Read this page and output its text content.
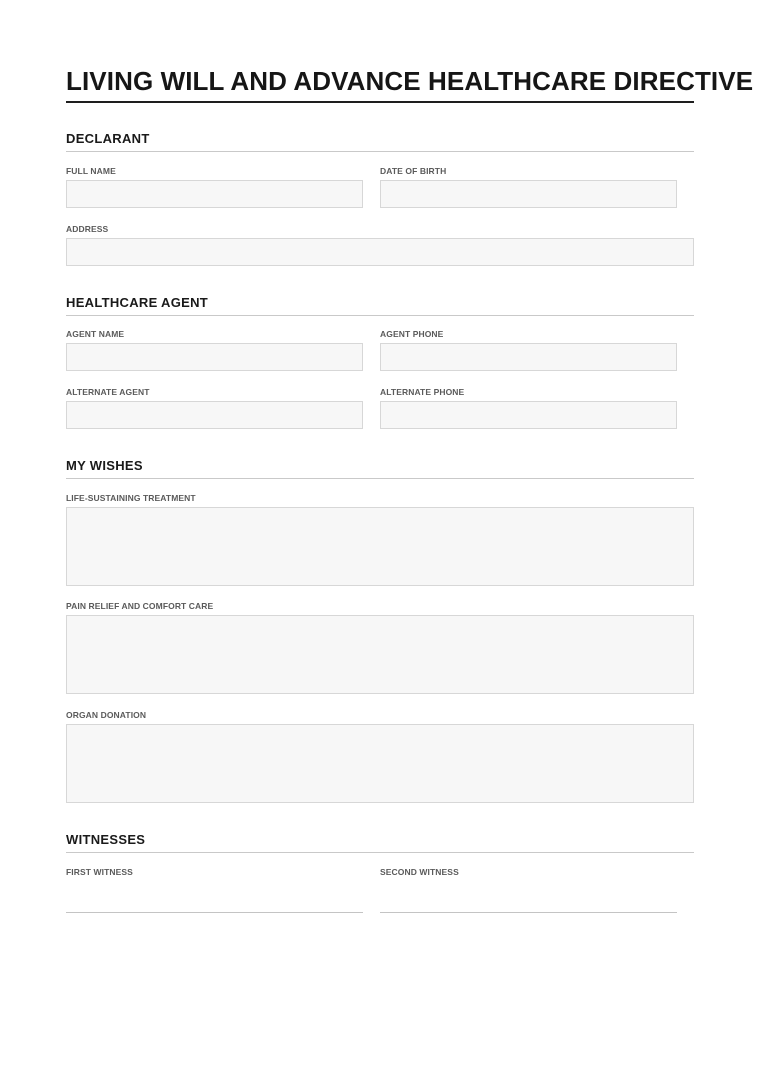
LIVING WILL AND ADVANCE HEALTHCARE DIRECTIVE
DECLARANT
FULL NAME	DATE OF BIRTH
ADDRESS
HEALTHCARE AGENT
AGENT NAME	AGENT PHONE
ALTERNATE AGENT	ALTERNATE PHONE
MY WISHES
LIFE-SUSTAINING TREATMENT
PAIN RELIEF AND COMFORT CARE
ORGAN DONATION
WITNESSES
FIRST WITNESS	SECOND WITNESS
